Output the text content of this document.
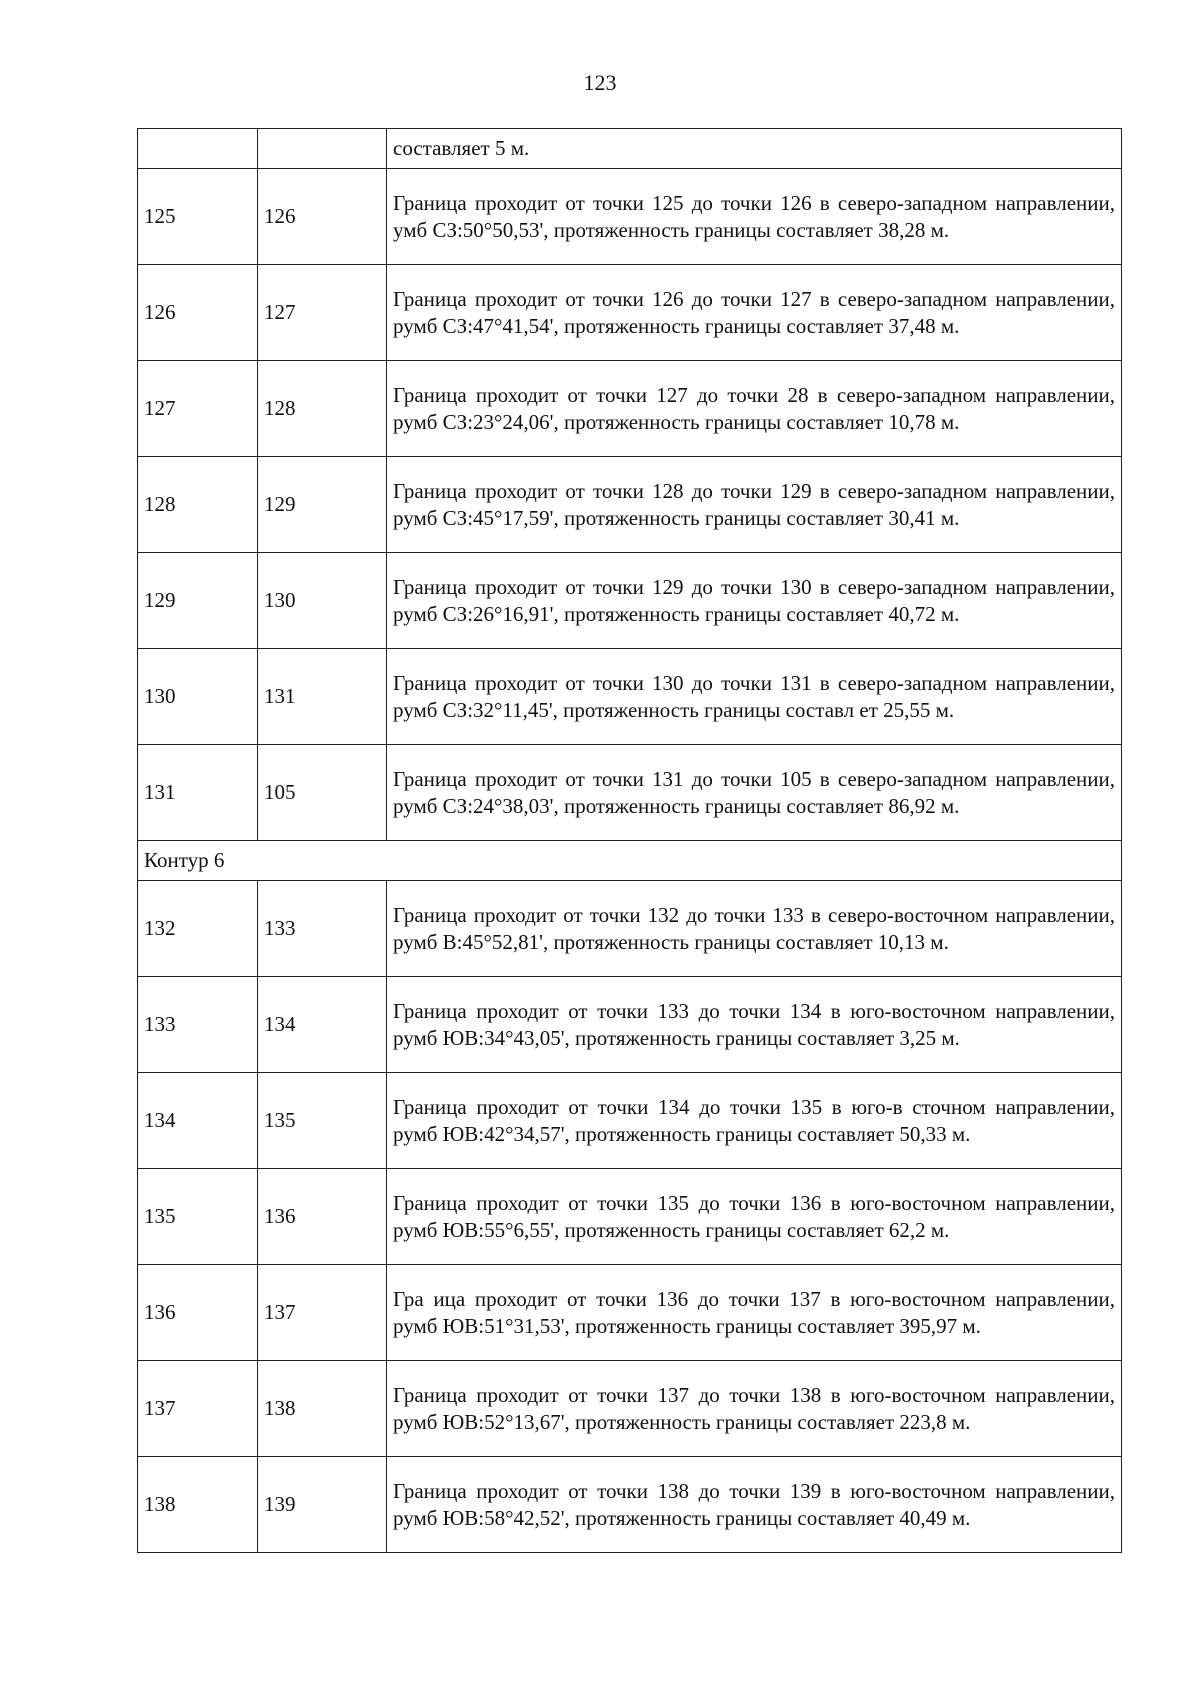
123
		составляет 5 м.
125	126	Граница проходит от точки 125 до точки 126 в северо-западном направлении, умб СЗ:50°50,53', протяженность границы составляет 38,28 м.
126	127	Граница проходит от точки 126 до точки 127 в северо-западном направлении, румб СЗ:47°41,54', протяженность границы составляет 37,48 м.
127	128	Граница проходит от точки 127 до точки 28 в северо-западном направлении, румб СЗ:23°24,06', протяженность границы составляет 10,78 м.
128	129	Граница проходит от точки 128 до точки 129 в северо-западном направлении, румб СЗ:45°17,59', протяженность границы составляет 30,41 м.
129	130	Граница проходит от точки 129 до точки 130 в северо-западном направлении, румб СЗ:26°16,91', протяженность границы составляет 40,72 м.
130	131	Граница проходит от точки 130 до точки 131 в северо-западном направлении, румб СЗ:32°11,45', протяженность границы составл ет 25,55 м.
131	105	Граница проходит от точки 131 до точки 105 в северо-западном направлении, румб СЗ:24°38,03', протяженность границы составляет 86,92 м.
Контур 6		
132	133	Граница проходит от точки 132 до точки 133 в северо-восточном направлении, румб В:45°52,81', протяженность границы составляет 10,13 м.
133	134	Граница проходит от точки 133 до точки 134 в юго-восточном направлении, румб ЮВ:34°43,05', протяженность границы составляет 3,25 м.
134	135	Граница проходит от точки 134 до точки 135 в юго-в сточном направлении, румб ЮВ:42°34,57', протяженность границы составляет 50,33 м.
135	136	Граница проходит от точки 135 до точки 136 в юго-восточном направлении, румб ЮВ:55°6,55', протяженность границы составляет 62,2 м.
136	137	Гра ица проходит от точки 136 до точки 137 в юго-восточном направлении, румб ЮВ:51°31,53', протяженность границы составляет 395,97 м.
137	138	Граница проходит от точки 137 до точки 138 в юго-восточном направлении, румб ЮВ:52°13,67', протяженность границы составляет 223,8 м.
138	139	Граница проходит от точки 138 до точки 139 в юго-восточном направлении, румб ЮВ:58°42,52', протяженность границы составляет 40,49 м.
